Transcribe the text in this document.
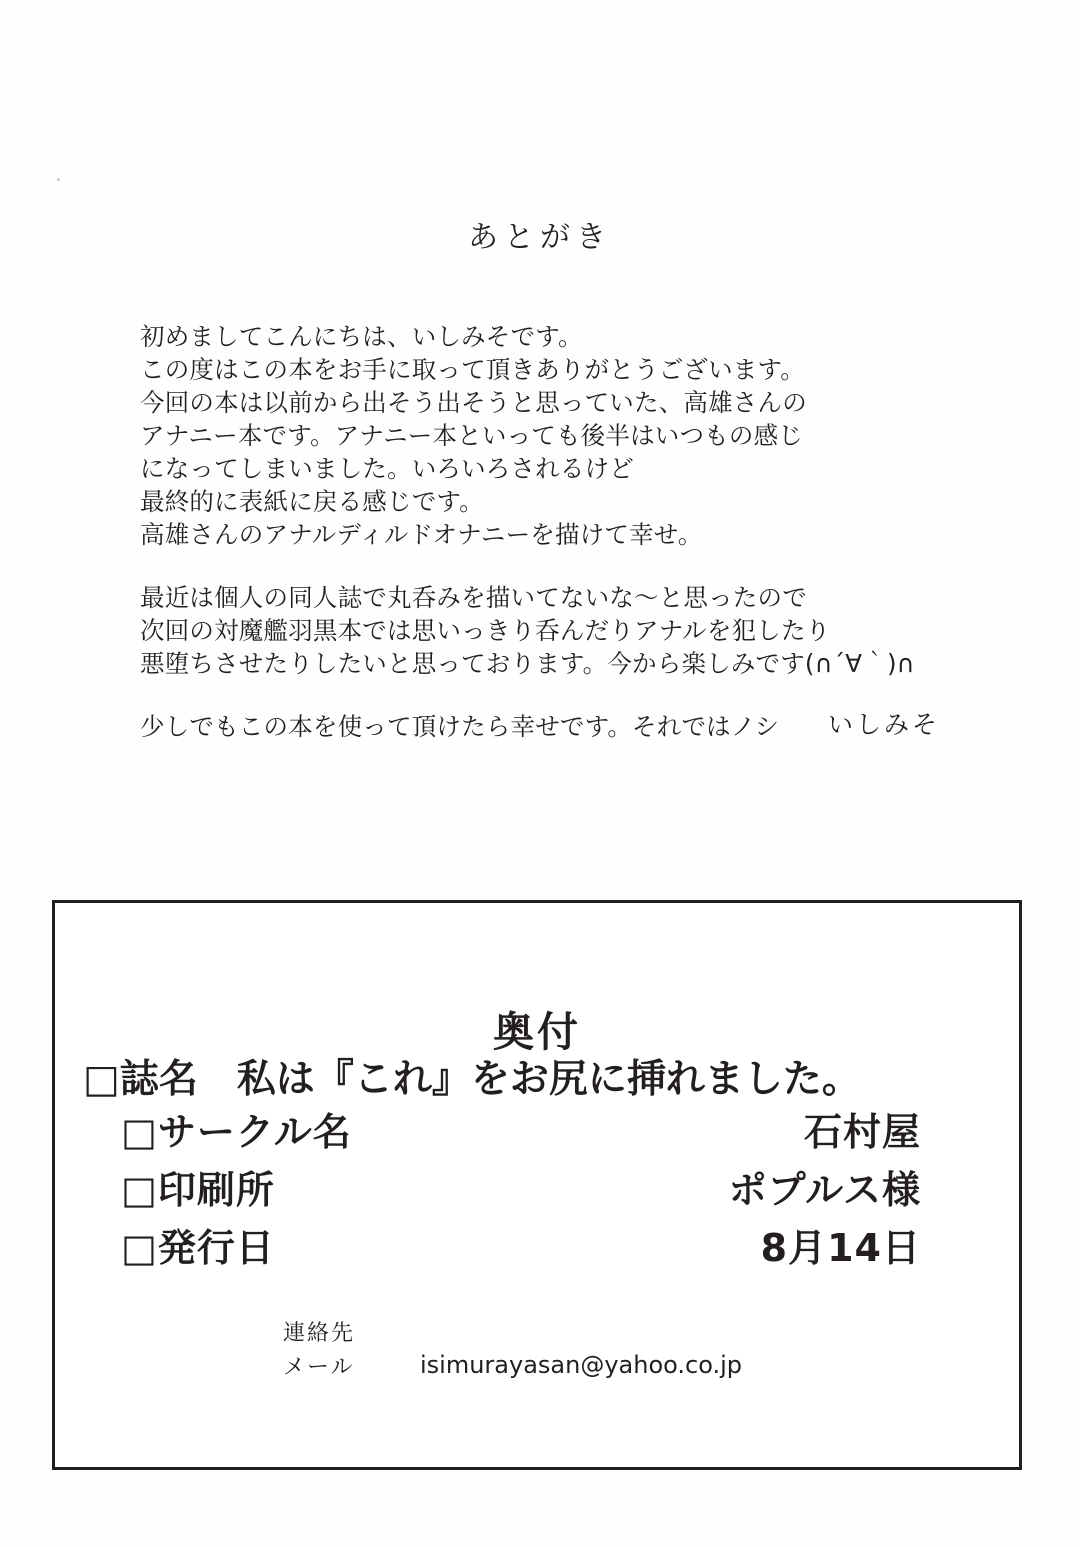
あとがき

初めましてこんにちは、いしみそです。

この度はこの本をお手に取って頂きありがとうございます。

今回の本は以前から出そう出そうと思っていた、高雄さんの

アナニー本です。アナニー本といっても後半はいつもの感じ

になってしまいました。いろいろされるけど

最終的に表紙に戻る感じです。

高雄さんのアナルディルドオナニーを描けて幸せ。

最近は個人の同人誌で丸呑みを描いてないな～と思ったので

次回の対魔艦羽黒本では思いっきり呑んだりアナルを犯したり

悪堕ちさせたりしたいと思っております。今から楽しみです(∩´∀｀)∩

少しでもこの本を使って頂けたら幸せです。それではノシ	いしみそ
奥付
□誌名　私は『これ』をお尻に挿れました。
□サークル名	石村屋
□印刷所	ポプルス様
□発行日	8月14日
連絡先
メール	isimurayasan@yahoo.co.jp
